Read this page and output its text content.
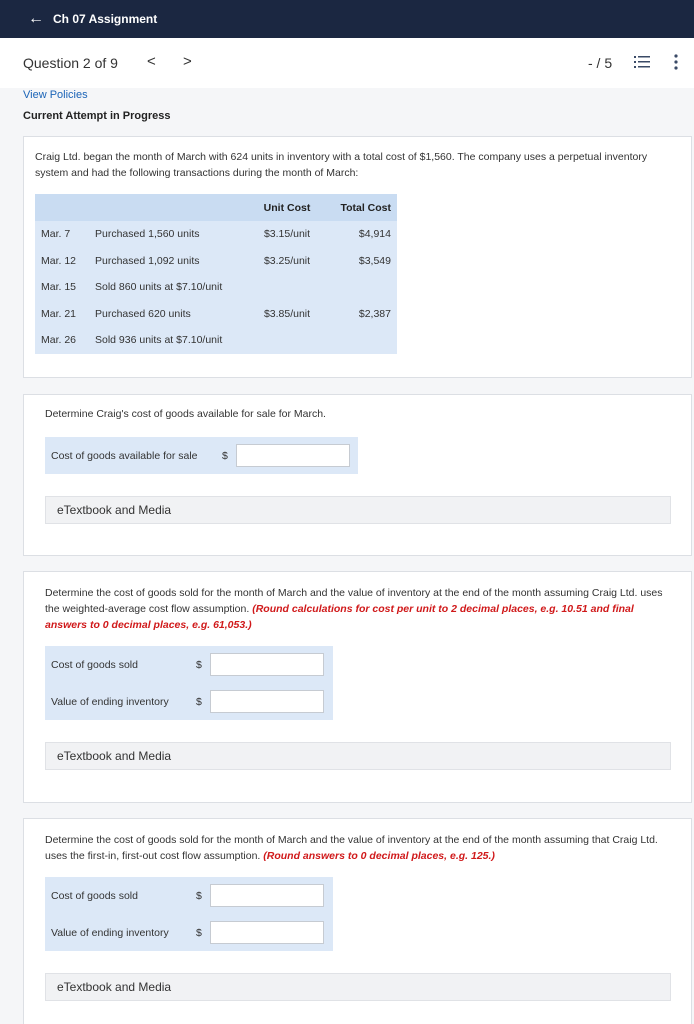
← Ch 07 Assignment
Question 2 of 9 < >	- / 5
View Policies
Current Attempt in Progress
Craig Ltd. began the month of March with 624 units in inventory with a total cost of $1,560. The company uses a perpetual inventory system and had the following transactions during the month of March:
		Unit Cost	Total Cost
Mar. 7	Purchased 1,560 units	$3.15/unit	$4,914
Mar. 12	Purchased 1,092 units	$3.25/unit	$3,549
Mar. 15	Sold 860 units at $7.10/unit		
Mar. 21	Purchased 620 units	$3.85/unit	$2,387
Mar. 26	Sold 936 units at $7.10/unit		
Determine Craig's cost of goods available for sale for March.
Cost of goods available for sale $
eTextbook and Media
Determine the cost of goods sold for the month of March and the value of inventory at the end of the month assuming Craig Ltd. uses the weighted-average cost flow assumption. (Round calculations for cost per unit to 2 decimal places, e.g. 10.51 and final answers to 0 decimal places, e.g. 61,053.)
Cost of goods sold	$
Value of ending inventory	$
eTextbook and Media
Determine the cost of goods sold for the month of March and the value of inventory at the end of the month assuming that Craig Ltd. uses the first-in, first-out cost flow assumption. (Round answers to 0 decimal places, e.g. 125.)
Cost of goods sold	$
Value of ending inventory	$
eTextbook and Media
